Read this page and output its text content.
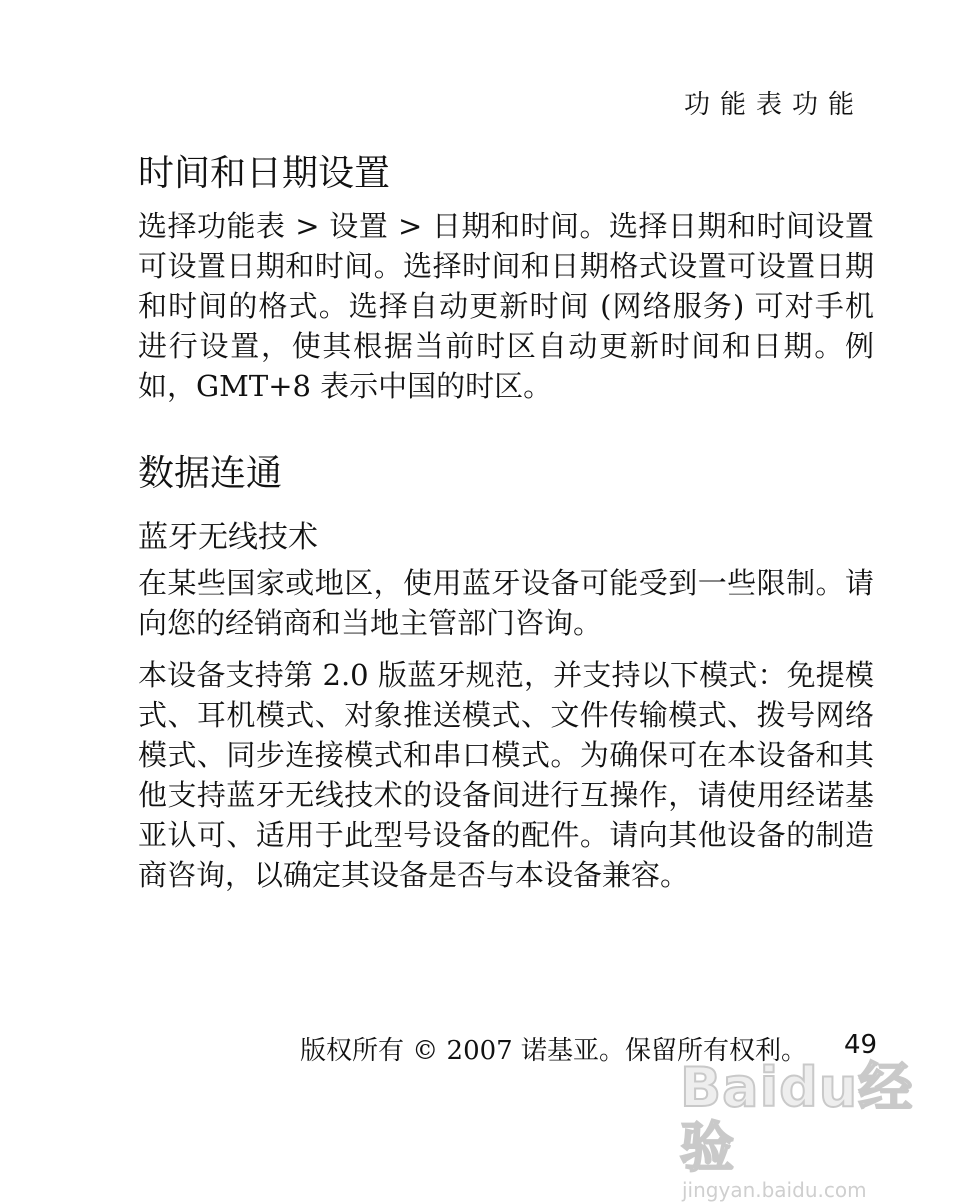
功能表功能
时间和日期设置
选择功能表 > 设置 > 日期和时间。选择日期和时间设置可设置日期和时间。选择时间和日期格式设置可设置日期和时间的格式。选择自动更新时间 (网络服务) 可对手机进行设置，使其根据当前时区自动更新时间和日期。例如，GMT+8 表示中国的时区。
数据连通
蓝牙无线技术
在某些国家或地区，使用蓝牙设备可能受到一些限制。请向您的经销商和当地主管部门咨询。
本设备支持第 2.0 版蓝牙规范，并支持以下模式：免提模式、耳机模式、对象推送模式、文件传输模式、拨号网络模式、同步连接模式和串口模式。为确保可在本设备和其他支持蓝牙无线技术的设备间进行互操作，请使用经诺基亚认可、适用于此型号设备的配件。请向其他设备的制造商咨询，以确定其设备是否与本设备兼容。
版权所有 © 2007 诺基亚。保留所有权利。 49
Baidu经验
jingyan.baidu.com
